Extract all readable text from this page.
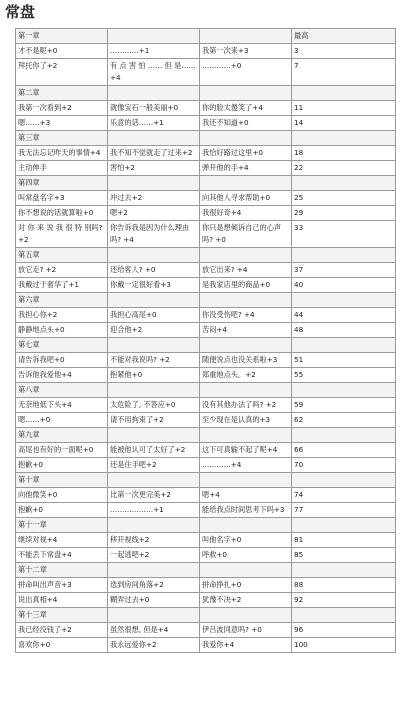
常盘
第一章			最高
才不是呢+0	…………+1	我第一次来+3	3
拜托你了+2	有 点 害 怕 …… 但 是……+4	…………+0	7
第二章			
我第一次看到+2	就像宝石一般美丽+0	你的脸太傻笑了+4	11
嗯……+3	乐意的话……+1	我还不知道+0	14
第三章			
我无法忘记昨天的事情+4	我不知不觉就走了过来+2	我恰好路过这里+0	18
主动伸手	害怕+2	弹开他的手+4	22
第四章			
叫常盘名字+3	冲过去+2	向其他人寻求帮助+0	25
你不想说的话就算啦+0	嗯+2	我很好奇+4	29
对 你 来 说 我 很 特 别吗? +2	你告诉我是因为什么理由吗? +4	你只是想倾诉自己的心声吗? +0	33
第五章			
放它走? +2	还给客人? +0	放它出来? +4	37
我戴过于奢华了+1	你戴一定很好看+3	是我家店里的商品+0	40
第六章			
我担心你+2	我担心高尾+0	你没受伤吧? +4	44
静静地点头+0	迎合他+2	苦闷+4	48
第七章			
请告诉我吧+0	不能对我说吗? +2	随便说点也没关系啦+3	51
告诉他我爱他+4	抱紧他+0	郑重地点头。+2	55
第八章			
无奈地低下头+4	太危险了, 不答应+0	没有其他办法了吗? +2	59
嗯……+0	请不用拘束了+2	至少现在是认真的+3	62
第九章			
高尾也有好的一面呢+0	能被他认可了太好了+2	这下可真输不起了呢+4	66
抱歉+0	还是住手吧+2	…………+4	70
第十章			
向他微笑+0	比第一次更完美+2	嗯+4	74
抱歉+0	………………+1	能给我点时间思考下吗+3	77
第十一章			
继续对视+4	移开视线+2	叫他名字+0	81
不能丢下常盘+4	一起逃吧+2	呼救+0	85
第十二章			
拼命叫出声音+3	选到房间角落+2	拼命挣扎+0	88
说出真相+4	糊弄过去+0	犹豫不决+2	92
第十三章			
我已经没钱了+2	虽然很想, 但是+4	伊吕波同意吗? +0	96
喜欢你+0	我永远爱你+2	我爱你+4	100
